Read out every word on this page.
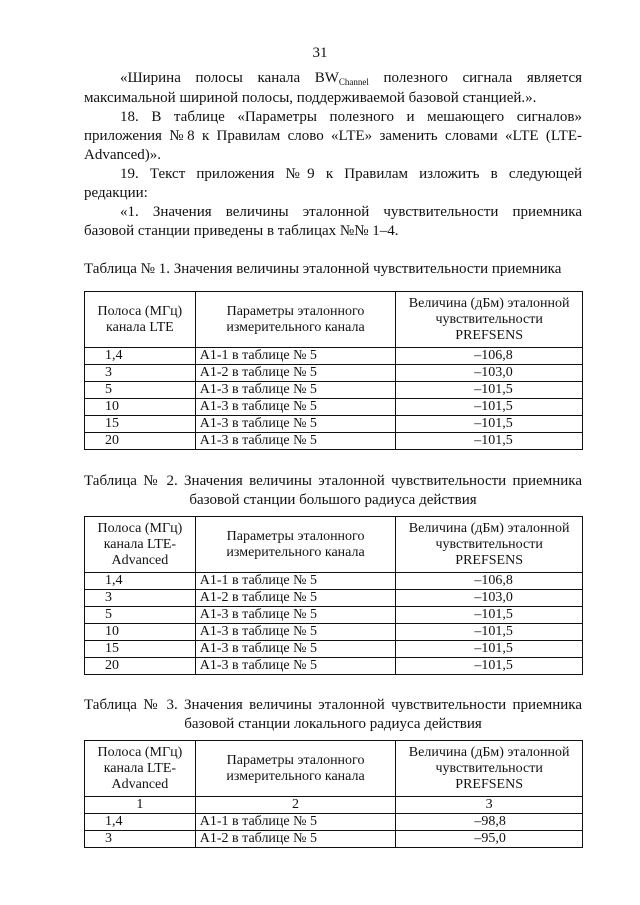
31

«Ширина полосы канала $BW_{Channel}$ полезного сигнала является максимальной шириной полосы, поддерживаемой базовой станцией.».

18. В таблице «Параметры полезного и мешающего сигналов» приложения №8 к Правилам слово «LTE» заменить словами «LTE (LTE-Advanced)».

19. Текст приложения №9 к Правилам изложить в следующей редакции:

«1. Значения величины эталонной чувствительности приемника базовой станции приведены в таблицах №№ 1–4.

Таблица № 1. Значения величины эталонной чувствительности приемника
Полоса (МГц) канала LTE	Параметры эталонного измерительного канала	Величина (дБм) эталонной чувствительности PREFSENS
1,4	A1-1 в таблице № 5	–106,8
3	A1-2 в таблице № 5	–103,0
5	A1-3 в таблице № 5	–101,5
10	A1-3 в таблице № 5	–101,5
15	A1-3 в таблице № 5	–101,5
20	A1-3 в таблице № 5	–101,5
Таблица № 2. Значения величины эталонной чувствительности приемника
базовой станции большого радиуса действия
Полоса (МГц) канала LTE-Advanced	Параметры эталонного измерительного канала	Величина (дБм) эталонной чувствительности PREFSENS
1,4	A1-1 в таблице № 5	–106,8
3	A1-2 в таблице № 5	–103,0
5	A1-3 в таблице № 5	–101,5
10	A1-3 в таблице № 5	–101,5
15	A1-3 в таблице № 5	–101,5
20	A1-3 в таблице № 5	–101,5
Таблица № 3. Значения величины эталонной чувствительности приемника
базовой станции локального радиуса действия
Полоса (МГц) канала LTE-Advanced	Параметры эталонного измерительного канала	Величина (дБм) эталонной чувствительности PREFSENS
1	2	3
1,4	A1-1 в таблице № 5	–98,8
3	A1-2 в таблице № 5	–95,0
